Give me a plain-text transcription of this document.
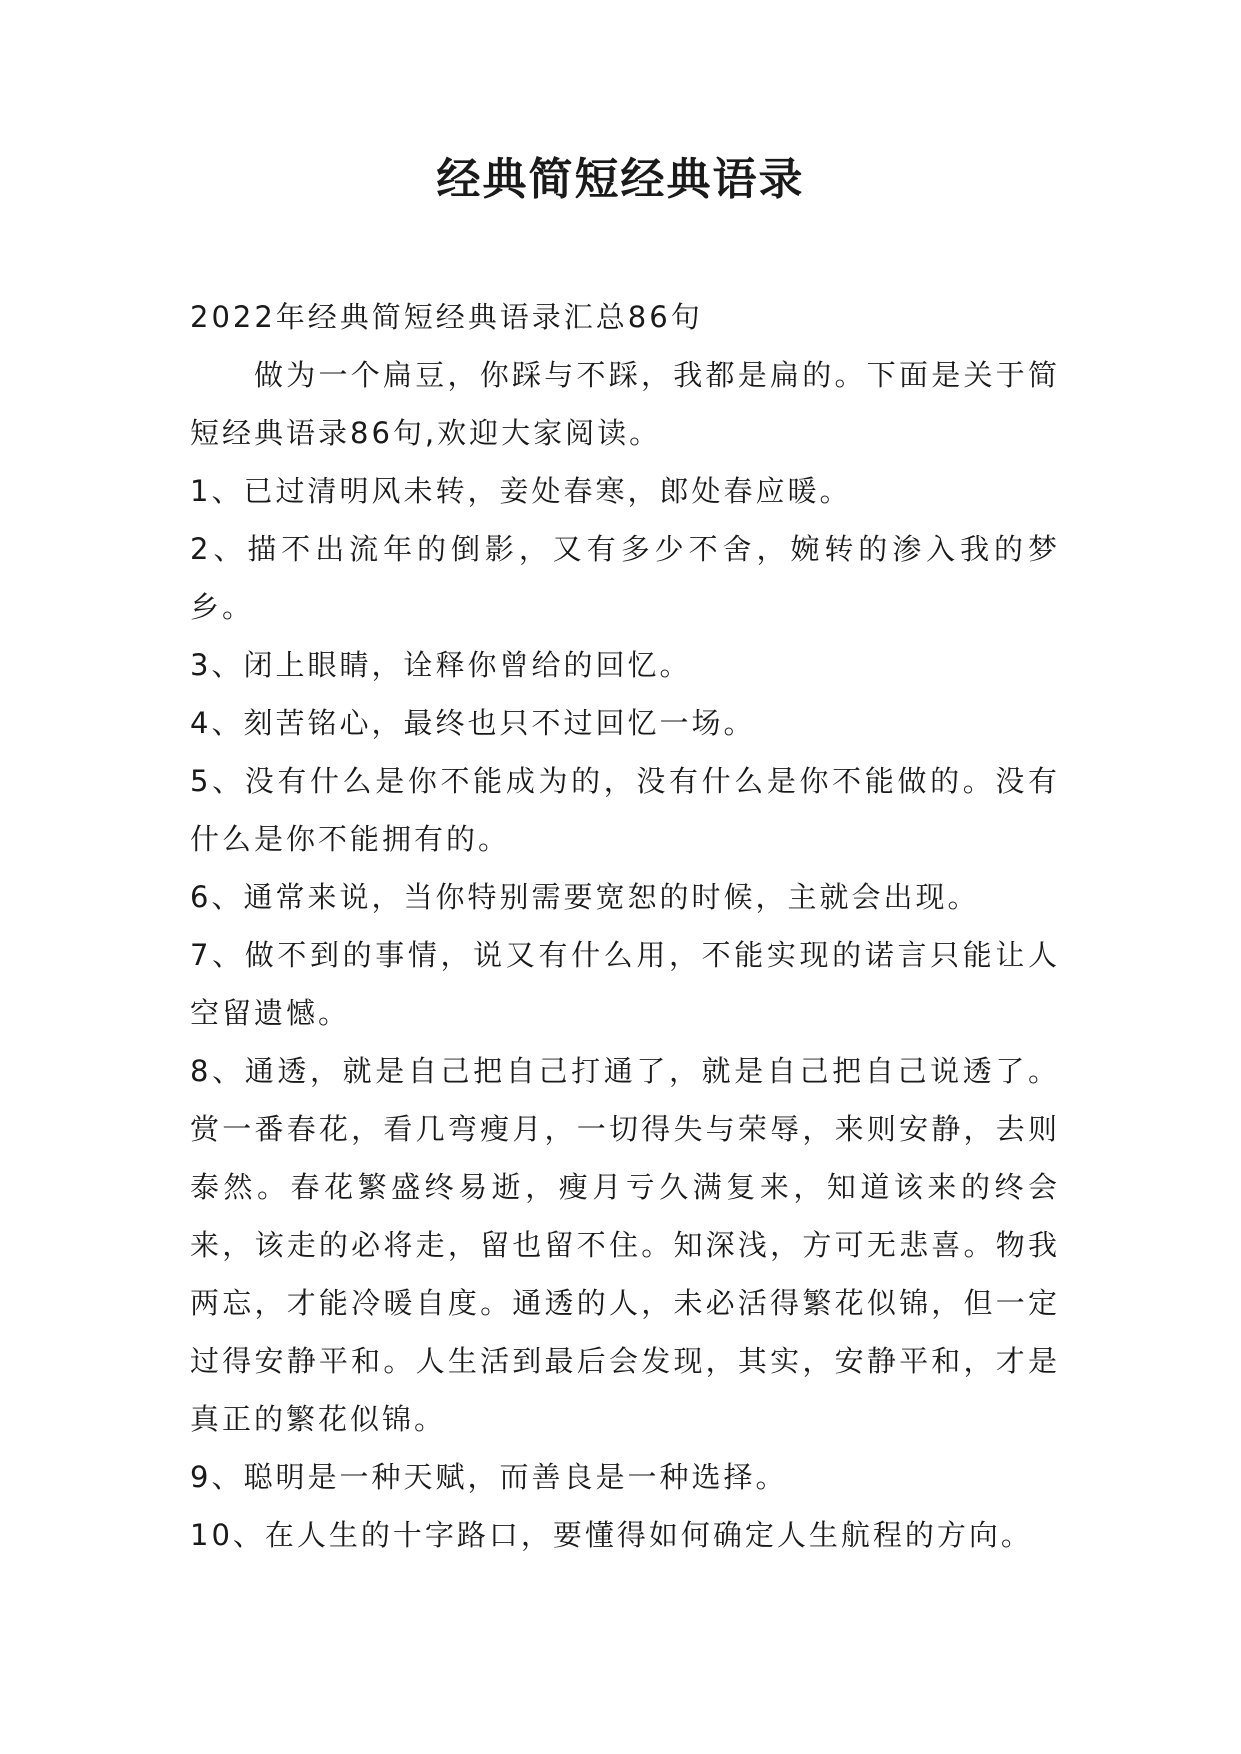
经典简短经典语录

2022年经典简短经典语录汇总86句

做为一个扁豆，你踩与不踩，我都是扁的。下面是关于简短经典语录86句,欢迎大家阅读。

1、已过清明风未转，妾处春寒，郎处春应暖。

2、描不出流年的倒影，又有多少不舍，婉转的渗入我的梦乡。

3、闭上眼睛，诠释你曾给的回忆。

4、刻苦铭心，最终也只不过回忆一场。

5、没有什么是你不能成为的，没有什么是你不能做的。没有什么是你不能拥有的。

6、通常来说，当你特别需要宽恕的时候，主就会出现。

7、做不到的事情，说又有什么用，不能实现的诺言只能让人空留遗憾。

8、通透，就是自己把自己打通了，就是自己把自己说透了。赏一番春花，看几弯瘦月，一切得失与荣辱，来则安静，去则泰然。春花繁盛终易逝，瘦月亏久满复来，知道该来的终会来，该走的必将走，留也留不住。知深浅，方可无悲喜。物我两忘，才能冷暖自度。通透的人，未必活得繁花似锦，但一定过得安静平和。人生活到最后会发现，其实，安静平和，才是真正的繁花似锦。

9、聪明是一种天赋，而善良是一种选择。

10、在人生的十字路口，要懂得如何确定人生航程的方向。
